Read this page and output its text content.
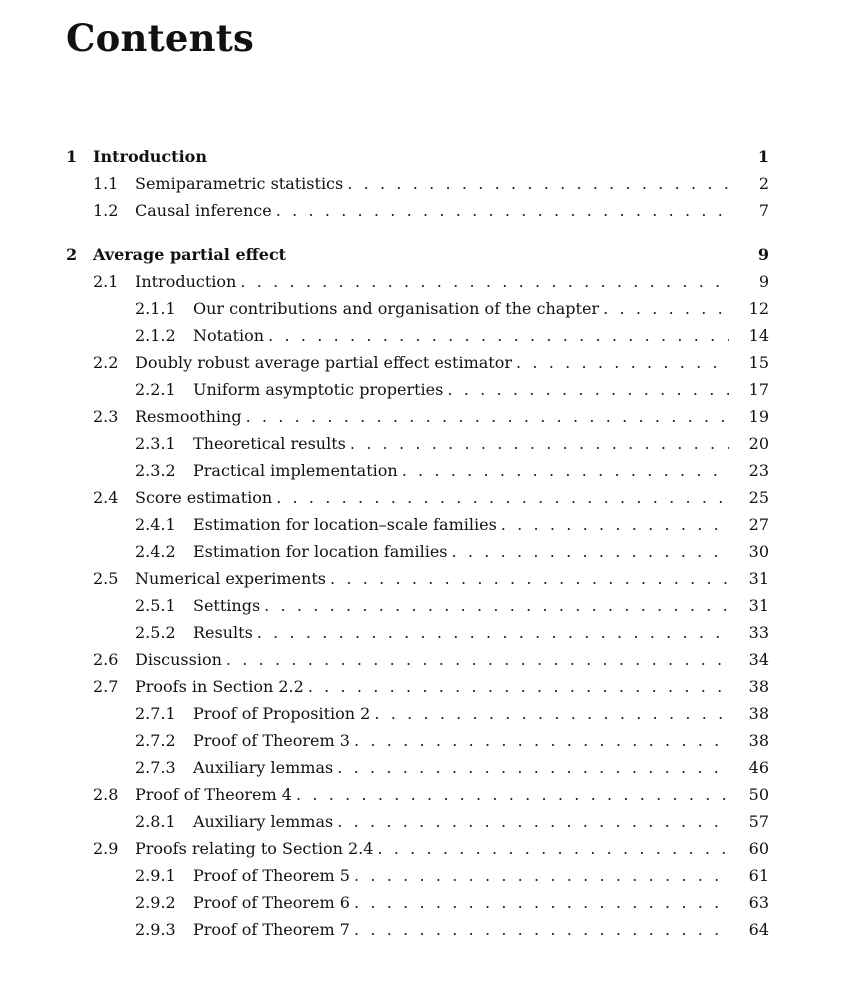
Contents
1 Introduction	1
1.1	Semiparametric statistics . . .	2
1.2	Causal inference . . .	7
2 Average partial effect	9
2.1	Introduction . . .	9
2.1.1	Our contributions and organisation of the chapter . . .	12
2.1.2	Notation . . .	14
2.2	Doubly robust average partial effect estimator . . .	15
2.2.1	Uniform asymptotic properties . . .	17
2.3	Resmoothing . . .	19
2.3.1	Theoretical results . . .	20
2.3.2	Practical implementation . . .	23
2.4	Score estimation . . .	25
2.4.1	Estimation for location–scale families . . .	27
2.4.2	Estimation for location families . . .	30
2.5	Numerical experiments . . .	31
2.5.1	Settings . . .	31
2.5.2	Results . . .	33
2.6	Discussion . . .	34
2.7	Proofs in Section 2.2 . . .	38
2.7.1	Proof of Proposition 2 . . .	38
2.7.2	Proof of Theorem 3 . . .	38
2.7.3	Auxiliary lemmas . . .	46
2.8	Proof of Theorem 4 . . .	50
2.8.1	Auxiliary lemmas . . .	57
2.9	Proofs relating to Section 2.4 . . .	60
2.9.1	Proof of Theorem 5 . . .	61
2.9.2	Proof of Theorem 6 . . .	63
2.9.3	Proof of Theorem 7 . . .	64
